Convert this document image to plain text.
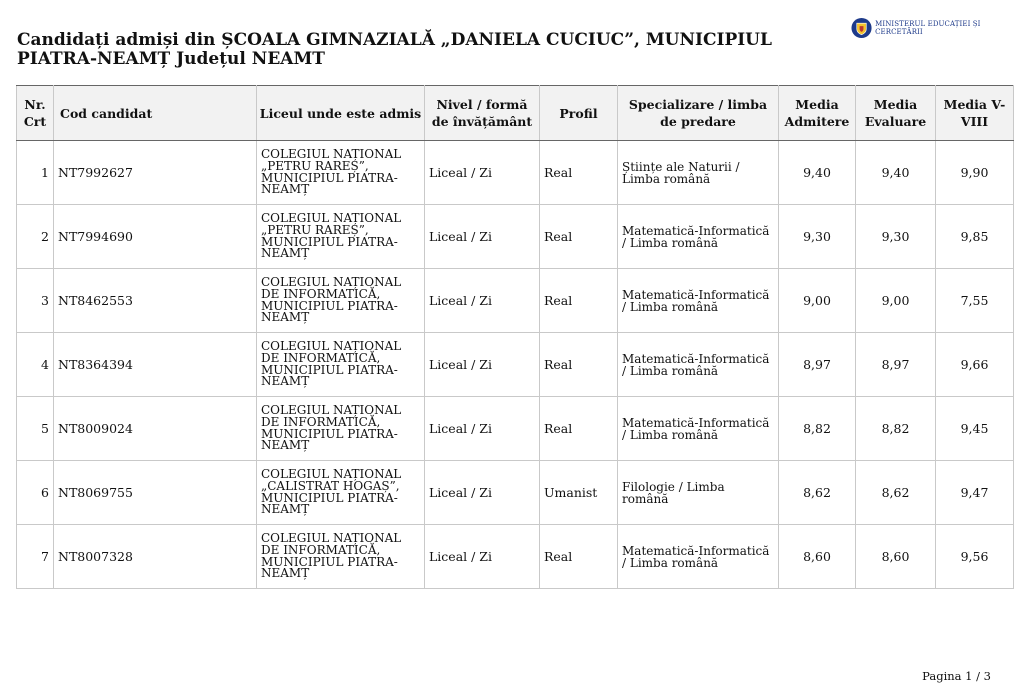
Candidați admiși din ȘCOALA GIMNAZIALĂ „DANIELA CUCIUC”, MUNICIPIUL PIATRA-NEAMȚ Județul NEAMT
MINISTERUL EDUCAȚIEI ȘI CERCETĂRII
Nr. Crt	Cod candidat	Liceul unde este admis	Nivel / formă de învățământ	Profil	Specializare / limba de predare	Media Admitere	Media Evaluare	Media V-VIII
1	NT7992627	COLEGIUL NAȚIONAL „PETRU RAREȘ”, MUNICIPIUL PIATRA-NEAMȚ	Liceal / Zi	Real	Științe ale Naturii / Limba română	9,40	9,40	9,90
2	NT7994690	COLEGIUL NAȚIONAL „PETRU RAREȘ”, MUNICIPIUL PIATRA-NEAMȚ	Liceal / Zi	Real	Matematică-Informatică / Limba română	9,30	9,30	9,85
3	NT8462553	COLEGIUL NAȚIONAL DE INFORMATICĂ, MUNICIPIUL PIATRA-NEAMȚ	Liceal / Zi	Real	Matematică-Informatică / Limba română	9,00	9,00	7,55
4	NT8364394	COLEGIUL NAȚIONAL DE INFORMATICĂ, MUNICIPIUL PIATRA-NEAMȚ	Liceal / Zi	Real	Matematică-Informatică / Limba română	8,97	8,97	9,66
5	NT8009024	COLEGIUL NAȚIONAL DE INFORMATICĂ, MUNICIPIUL PIATRA-NEAMȚ	Liceal / Zi	Real	Matematică-Informatică / Limba română	8,82	8,82	9,45
6	NT8069755	COLEGIUL NAȚIONAL „CALISTRAT HOGAȘ”, MUNICIPIUL PIATRA-NEAMȚ	Liceal / Zi	Umanist	Filologie / Limba română	8,62	8,62	9,47
7	NT8007328	COLEGIUL NAȚIONAL DE INFORMATICĂ, MUNICIPIUL PIATRA-NEAMȚ	Liceal / Zi	Real	Matematică-Informatică / Limba română	8,60	8,60	9,56
Pagina 1 / 3
